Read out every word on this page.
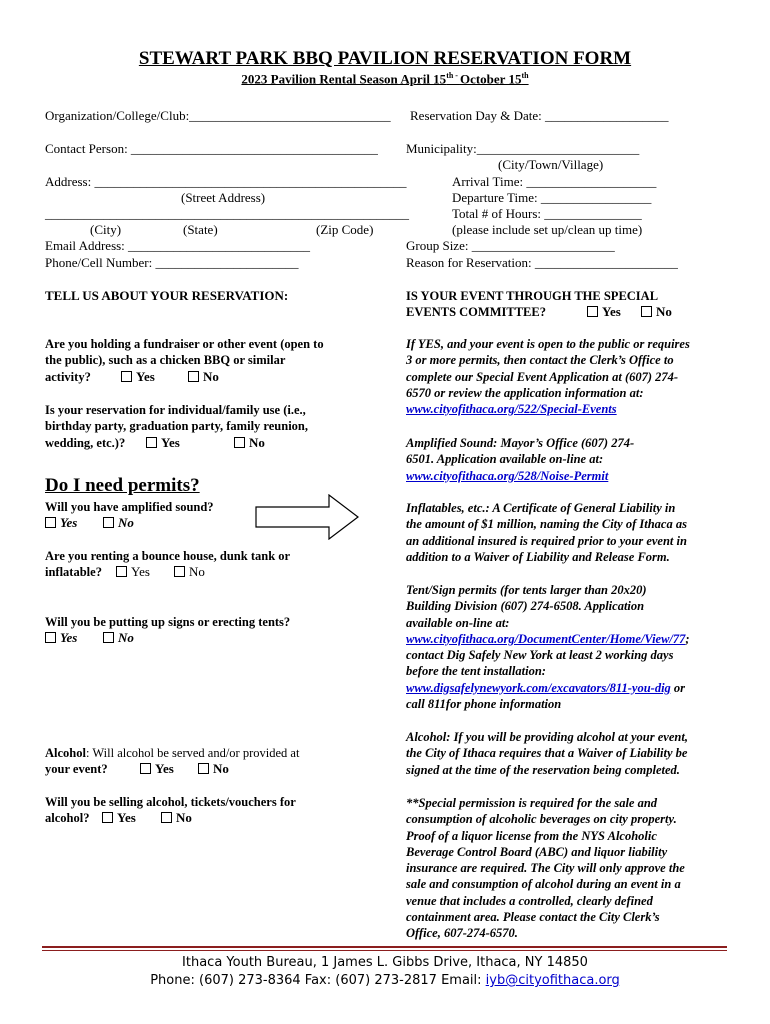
STEWART PARK BBQ PAVILION RESERVATION FORM
2023 Pavilion Rental Season April $15^{th -}$ October 15th
Organization/College/Club:_______________________________ Reservation Day & Date: ___________________
Contact Person: ______________________________________ Municipality:_________________________
(City/Town/Village)
Address: ________________________________________________	Arrival Time: ____________________
(Street Address)	Departure Time: _________________
________________________________________________________	Total # of Hours: _______________
(City)	(State)	(Zip Code)	(please include set up/clean up time)
Email Address: ____________________________	Group Size: ______________________
Phone/Cell Number: ______________________	Reason for Reservation: ______________________
TELL US ABOUT YOUR RESERVATION:
Are you holding a fundraiser or other event (open to
the public), such as a chicken BBQ or similar
activity?	Yes	No
Is your reservation for individual/family use (i.e.,
birthday party, graduation party, family reunion,
wedding, etc.)?	Yes	No
Do I need permits?
Will you have amplified sound?
Yes	No
Are you renting a bounce house, dunk tank or
inflatable?	Yes	No
Will you be putting up signs or erecting tents?
Yes	No
Alcohol: Will alcohol be served and/or provided at
your event?	Yes	No
Will you be selling alcohol, tickets/vouchers for
alcohol?	Yes	No
IS YOUR EVENT THROUGH THE SPECIAL
EVENTS COMMITTEE?	Yes	No
If YES, and your event is open to the public or requires
3 or more permits, then contact the Clerk’s Office to
complete our Special Event Application at (607) 274-
6570 or review the application information at:
www.cityofithaca.org/522/Special-Events
Amplified Sound: Mayor’s Office (607) 274-
6501. Application available on-line at:
www.cityofithaca.org/528/Noise-Permit
Inflatables, etc.: A Certificate of General Liability in
the amount of $1 million, naming the City of Ithaca as
an additional insured is required prior to your event in
addition to a Waiver of Liability and Release Form.
Tent/Sign permits (for tents larger than 20x20)
Building Division (607) 274-6508. Application
available on-line at:
www.cityofithaca.org/DocumentCenter/Home/View/77;
contact Dig Safely New York at least 2 working days
before the tent installation:
www.digsafelynewyork.com/excavators/811-you-dig or
call 811for phone information
Alcohol: If you will be providing alcohol at your event,
the City of Ithaca requires that a Waiver of Liability be
signed at the time of the reservation being completed.
**Special permission is required for the sale and
consumption of alcoholic beverages on city property.
Proof of a liquor license from the NYS Alcoholic
Beverage Control Board (ABC) and liquor liability
insurance are required. The City will only approve the
sale and consumption of alcohol during an event in a
venue that includes a controlled, clearly defined
containment area. Please contact the City Clerk’s
Office, 607-274-6570.
Ithaca Youth Bureau, 1 James L. Gibbs Drive, Ithaca, NY 14850
Phone: (607) 273-8364 Fax: (607) 273-2817 Email: iyb@cityofithaca.org
